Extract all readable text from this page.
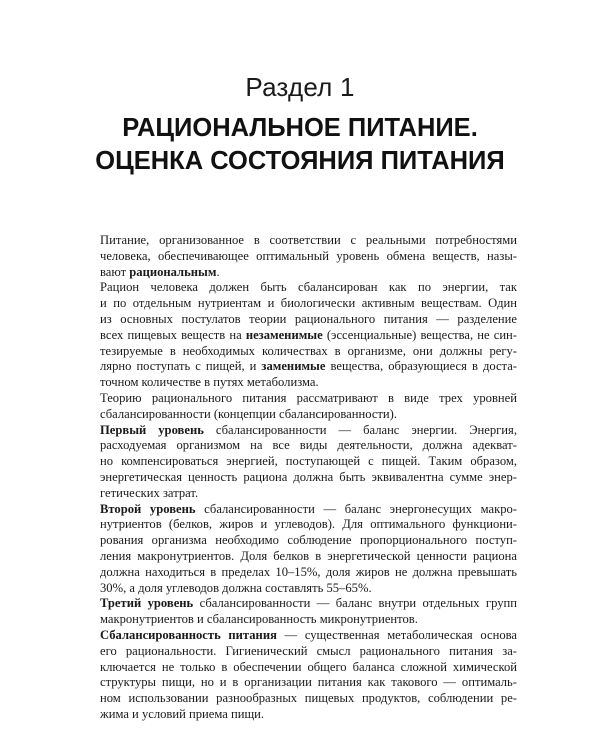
Раздел 1
РАЦИОНАЛЬНОЕ ПИТАНИЕ.
ОЦЕНКА СОСТОЯНИЯ ПИТАНИЯ

Питание, организованное в соответствии с реальными потребностями
человека, обеспечивающее оптимальный уровень обмена веществ, назы-
вают рациональным.

Рацион человека должен быть сбалансирован как по энергии, так
и по отдельным нутриентам и биологически активным веществам. Один
из основных постулатов теории рационального питания — разделение
всех пищевых веществ на незаменимые (эссенциальные) вещества, не син-
тезируемые в необходимых количествах в организме, они должны регу-
лярно поступать с пищей, и заменимые вещества, образующиеся в доста-
точном количестве в путях метаболизма.

Теорию рационального питания рассматривают в виде трех уровней
сбалансированности (концепции сбалансированности).

Первый уровень сбалансированности — баланс энергии. Энергия,
расходуемая организмом на все виды деятельности, должна адекват-
но компенсироваться энергией, поступающей с пищей. Таким образом,
энергетическая ценность рациона должна быть эквивалентна сумме энер-
гетических затрат.

Второй уровень сбалансированности — баланс энергонесущих макро-
нутриентов (белков, жиров и углеводов). Для оптимального функциони-
рования организма необходимо соблюдение пропорционального поступ-
ления макронутриентов. Доля белков в энергетической ценности рациона
должна находиться в пределах 10–15%, доля жиров не должна превышать
30%, а доля углеводов должна составлять 55–65%.

Третий уровень сбалансированности — баланс внутри отдельных групп
макронутриентов и сбалансированность микронутриентов.

Сбалансированность питания — существенная метаболическая основа
его рациональности. Гигиенический смысл рационального питания за-
ключается не только в обеспечении общего баланса сложной химической
структуры пищи, но и в организации питания как такового — оптималь-
ном использовании разнообразных пищевых продуктов, соблюдении ре-
жима и условий приема пищи.
